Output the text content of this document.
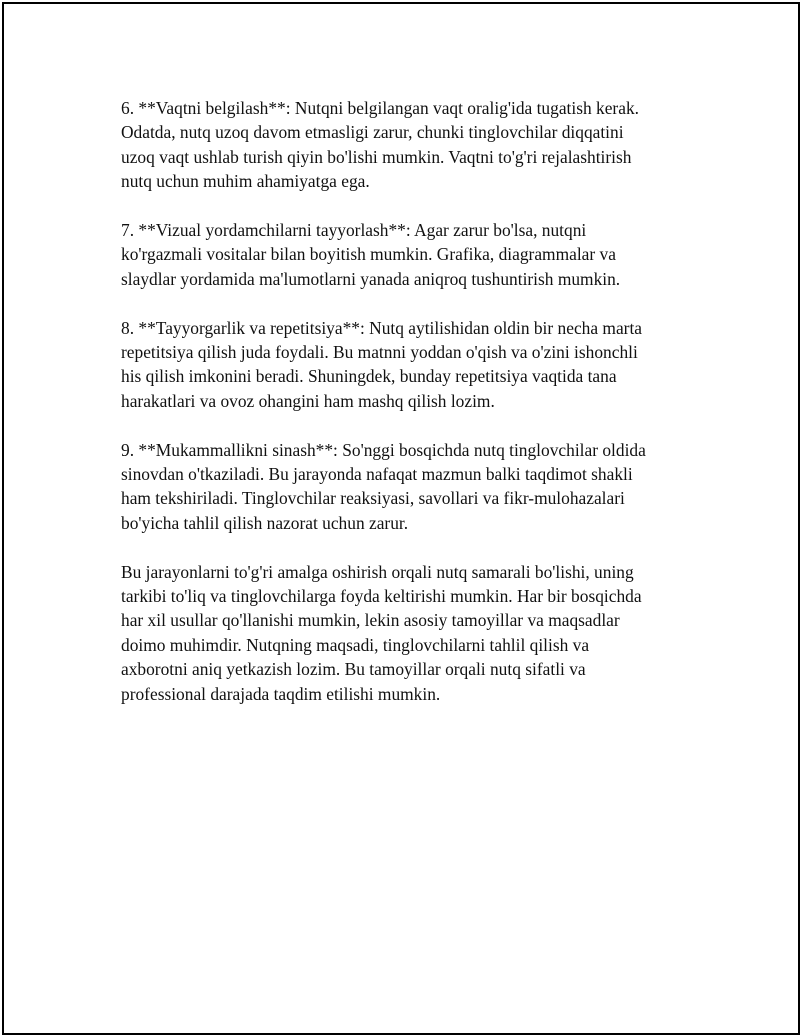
6. **Vaqtni belgilash**: Nutqni belgilangan vaqt oralig'ida tugatish kerak.
Odatda, nutq uzoq davom etmasligi zarur, chunki tinglovchilar diqqatini
uzoq vaqt ushlab turish qiyin bo'lishi mumkin. Vaqtni to'g'ri rejalashtirish
nutq uchun muhim ahamiyatga ega.

7. **Vizual yordamchilarni tayyorlash**: Agar zarur bo'lsa, nutqni
ko'rgazmali vositalar bilan boyitish mumkin. Grafika, diagrammalar va
slaydlar yordamida ma'lumotlarni yanada aniqroq tushuntirish mumkin.

8. **Tayyorgarlik va repetitsiya**: Nutq aytilishidan oldin bir necha marta
repetitsiya qilish juda foydali. Bu matnni yoddan o'qish va o'zini ishonchli
his qilish imkonini beradi. Shuningdek, bunday repetitsiya vaqtida tana
harakatlari va ovoz ohangini ham mashq qilish lozim.

9. **Mukammallikni sinash**: So'nggi bosqichda nutq tinglovchilar oldida
sinovdan o'tkaziladi. Bu jarayonda nafaqat mazmun balki taqdimot shakli
ham tekshiriladi. Tinglovchilar reaksiyasi, savollari va fikr-mulohazalari
bo'yicha tahlil qilish nazorat uchun zarur.

Bu jarayonlarni to'g'ri amalga oshirish orqali nutq samarali bo'lishi, uning
tarkibi to'liq va tinglovchilarga foyda keltirishi mumkin. Har bir bosqichda
har xil usullar qo'llanishi mumkin, lekin asosiy tamoyillar va maqsadlar
doimo muhimdir. Nutqning maqsadi, tinglovchilarni tahlil qilish va
axborotni aniq yetkazish lozim. Bu tamoyillar orqali nutq sifatli va
professional darajada taqdim etilishi mumkin.
